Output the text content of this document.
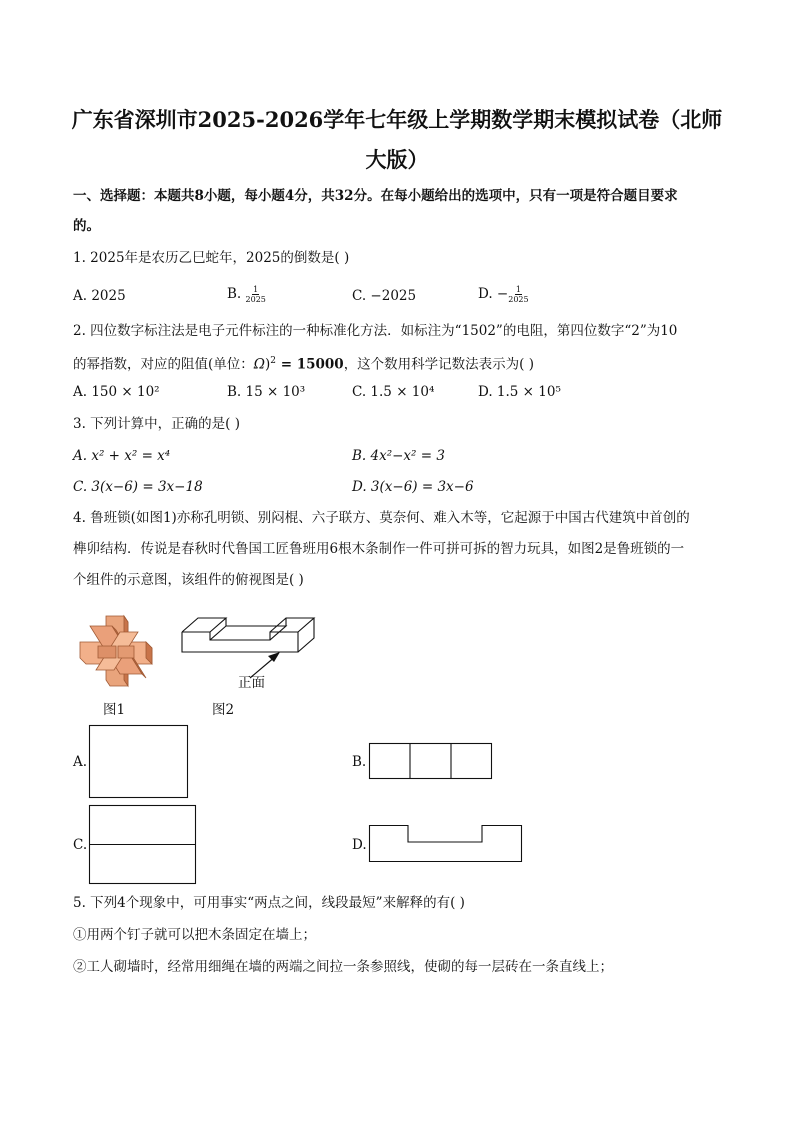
广东省深圳市2025-2026学年七年级上学期数学期末模拟试卷（北师
大版）
一、选择题：本题共8小题，每小题4分，共32分。在每小题给出的选项中，只有一项是符合题目要求
的。
1. 2025年是农历乙巳蛇年，2025的倒数是( )
A. 2025	B. $\frac{1}{2025}$	C. −2025	D. − $\frac{1}{2025}$
2. 四位数字标注法是电子元件标注的一种标准化方法．如标注为“1502”的电阻，第四位数字“2”为10
的幂指数，对应的阻值(单位：Ω)$^2$ = 15000，这个数用科学记数法表示为( )
A. 150 × 10²	B. 15 × 10³	C. 1.5 × 10⁴	D. 1.5 × 10⁵
3. 下列计算中，正确的是( )
A. x² + x² = x⁴	B. 4x²−x² = 3
C. 3(x−6) = 3x−18	D. 3(x−6) = 3x−6
4. 鲁班锁(如图1)亦称孔明锁、别闷棍、六子联方、莫奈何、难入木等，它起源于中国古代建筑中首创的
榫卯结构．传说是春秋时代鲁国工匠鲁班用6根木条制作一件可拼可拆的智力玩具，如图2是鲁班锁的一
个组件的示意图，该组件的俯视图是( )
图1
正面
图2
A.	B.
C.	D.
5. 下列4个现象中，可用事实“两点之间，线段最短”来解释的有( )
①用两个钉子就可以把木条固定在墙上；
②工人砌墙时，经常用细绳在墙的两端之间拉一条参照线，使砌的每一层砖在一条直线上；
